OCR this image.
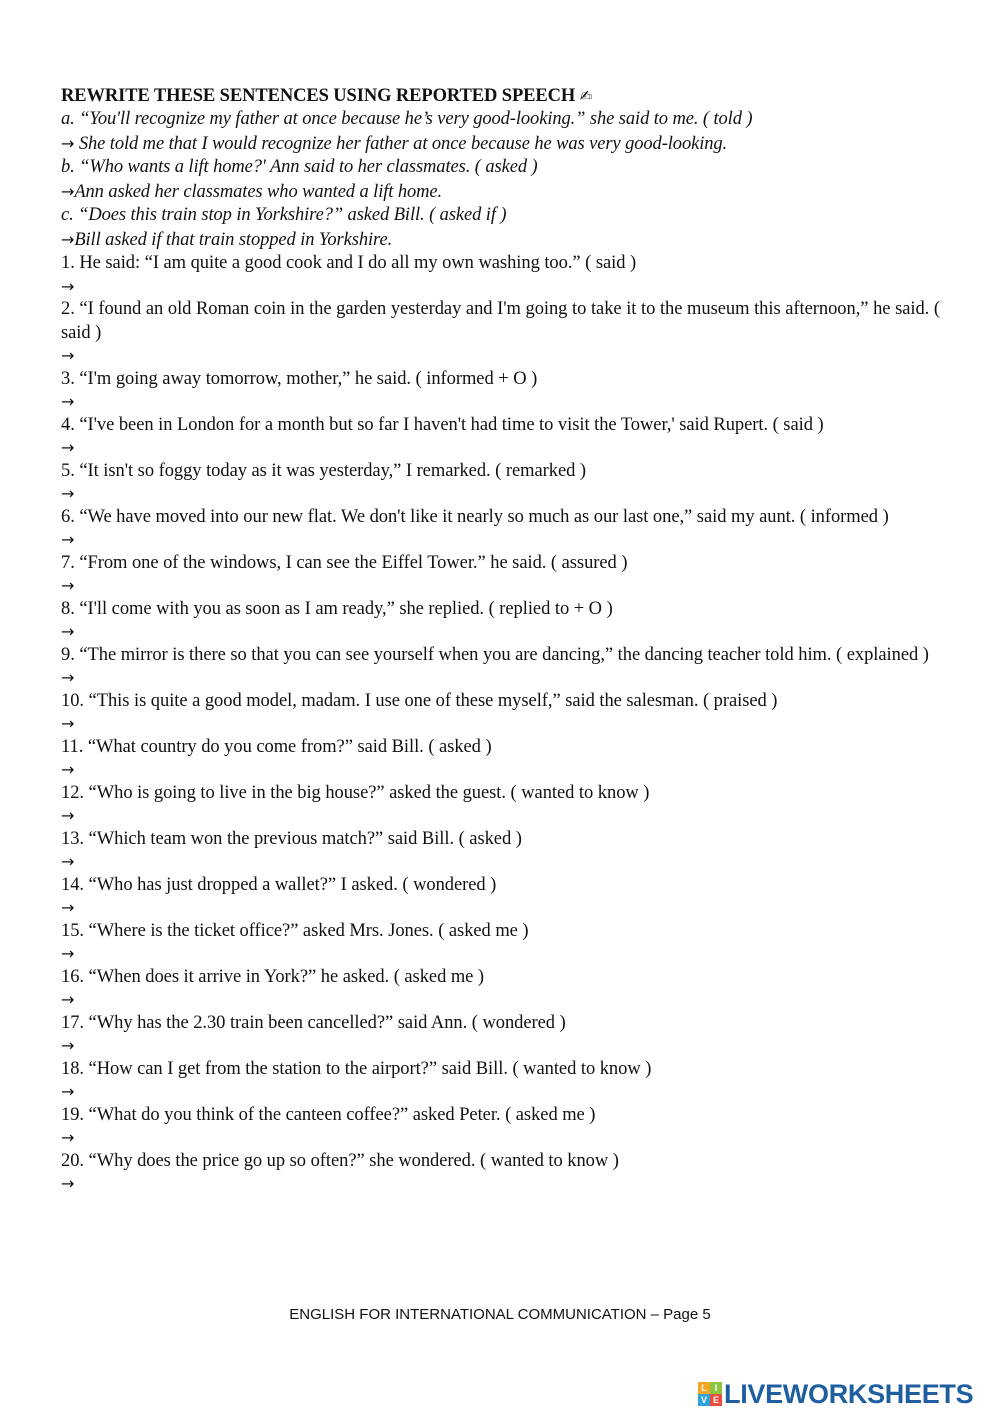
REWRITE THESE SENTENCES USING REPORTED SPEECH ✍
a. “You'll recognize my father at once because he’s very good-looking.” she said to me. ( told )
→ She told me that I would recognize her father at once because he was very good-looking.
b. “Who wants a lift home?' Ann said to her classmates. ( asked )
→Ann asked her classmates who wanted a lift home.
c. “Does this train stop in Yorkshire?” asked Bill. ( asked if )
→Bill asked if that train stopped in Yorkshire.
1. He said: “I am quite a good cook and I do all my own washing too.” ( said )
→
2. “I found an old Roman coin in the garden yesterday and I'm going to take it to the museum this afternoon,” he said. ( said )
→
3. “I'm going away tomorrow, mother,” he said. ( informed + O )
→
4. “I've been in London for a month but so far I haven't had time to visit the Tower,' said Rupert. ( said )
→
5. “It isn't so foggy today as it was yesterday,” I remarked. ( remarked )
→
6. “We have moved into our new flat. We don't like it nearly so much as our last one,” said my aunt. ( informed )
→
7. “From one of the windows, I can see the Eiffel Tower.” he said. ( assured )
→
8. “I'll come with you as soon as I am ready,” she replied. ( replied to + O )
→
9. “The mirror is there so that you can see yourself when you are dancing,” the dancing teacher told him. ( explained )
→
10. “This is quite a good model, madam. I use one of these myself,” said the salesman. ( praised )
→
11. “What country do you come from?” said Bill. ( asked )
→
12. “Who is going to live in the big house?” asked the guest. ( wanted to know )
→
13. “Which team won the previous match?” said Bill. ( asked )
→
14. “Who has just dropped a wallet?” I asked. ( wondered )
→
15. “Where is the ticket office?” asked Mrs. Jones. ( asked me )
→
16. “When does it arrive in York?” he asked. ( asked me )
→
17. “Why has the 2.30 train been cancelled?” said Ann. ( wondered )
→
18. “How can I get from the station to the airport?” said Bill. ( wanted to know )
→
19. “What do you think of the canteen coffee?” asked Peter. ( asked me )
→
20. “Why does the price go up so often?” she wondered. ( wanted to know )
→
ENGLISH FOR INTERNATIONAL COMMUNICATION – Page 5
L I
V E LIVEWORKSHEETS
